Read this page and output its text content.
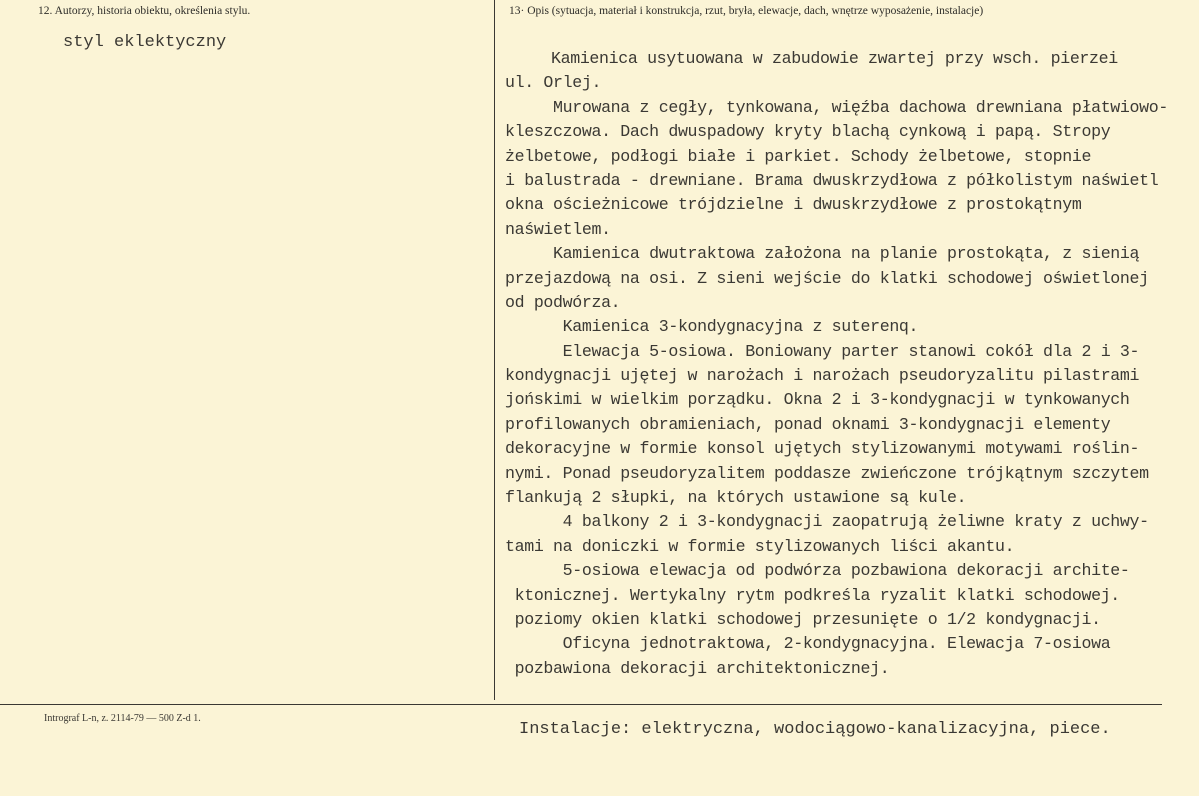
12. Autorzy, historia obiektu, określenia stylu.	13· Opis (sytuacja, materiał i konstrukcja, rzut, bryła, elewacje, dach, wnętrze wyposażenie, instalacje)
styl eklektyczny
Kamienica usytuowana w zabudowie zwartej przy wsch. pierzei
ul. Orlej.
Murowana z cegły, tynkowana, więźba dachowa drewniana płatwiowo-
kleszczowa. Dach dwuspadowy kryty blachą cynkową i papą. Stropy
żelbetowe, podłogi białe i parkiet. Schody żelbetowe, stopnie
i balustrada - drewniane. Brama dwuskrzydłowa z półkolistym naświetl
okna ościeżnicowe trójdzielne i dwuskrzydłowe z prostokątnym
naświetlem.
Kamienica dwutraktowa założona na planie prostokąta, z sienią
przejazdową na osi. Z sieni wejście do klatki schodowej oświetlonej
od podwórza.
Kamienica 3-kondygnacyjna z suterenq.
Elewacja 5-osiowa. Boniowany parter stanowi cokół dla 2 i 3-
kondygnacji ujętej w narożach i narożach pseudoryzalitu pilastrami
jońskimi w wielkim porządku. Okna 2 i 3-kondygnacji w tynkowanych
profilowanych obramieniach, ponad oknami 3-kondygnacji elementy
dekoracyjne w formie konsol ujętych stylizowanymi motywami roślin-
nymi. Ponad pseudoryzalitem poddasze zwieńczone trójkątnym szczytem
flankują 2 słupki, na których ustawione są kule.
4 balkony 2 i 3-kondygnacji zaopatrują żeliwne kraty z uchwy-
tami na doniczki w formie stylizowanych liści akantu.
5-osiowa elewacja od podwórza pozbawiona dekoracji archite-
ktonicznej. Wertykalny rytm podkreśla ryzalit klatki schodowej.
poziomy okien klatki schodowej przesunięte o 1/2 kondygnacji.
Oficyna jednotraktowa, 2-kondygnacyjna. Elewacja 7-osiowa
pozbawiona dekoracji architektonicznej.
Intrograf L-n, z. 2114-79 — 500 Z-d 1.
Instalacje: elektryczna, wodociągowo-kanalizacyjna, piece.
